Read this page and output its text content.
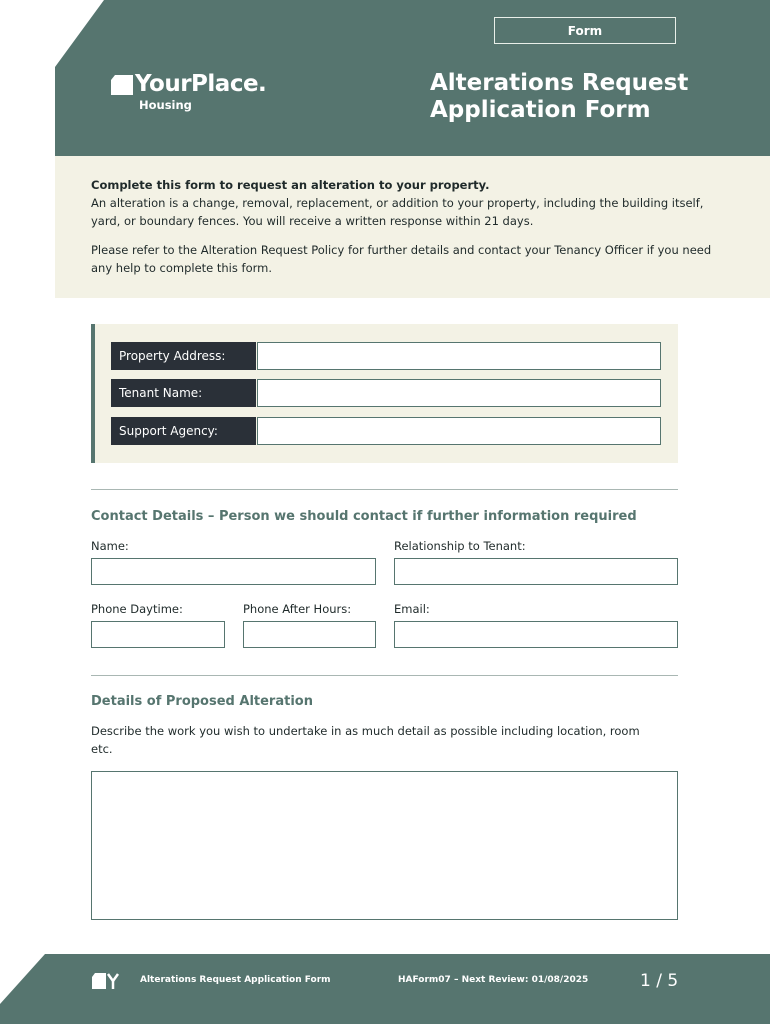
Form
YourPlace.
Housing
Alterations Request
Application Form

Complete this form to request an alteration to your property.

An alteration is a change, removal, replacement, or addition to your property, including the building itself, yard, or boundary fences. You will receive a written response within 21 days.

Please refer to the Alteration Request Policy for further details and contact your Tenancy Officer if you need any help to complete this form.

Property Address:
Tenant Name:
Support Agency:
Contact Details – Person we should contact if further information required
Name:	Relationship to Tenant:
Phone Daytime:	Phone After Hours:	Email:
Details of Proposed Alteration
Describe the work you wish to undertake in as much detail as possible including location, room etc.
Alterations Request Application Form	HAForm07 – Next Review: 01/08/2025	1 / 5
